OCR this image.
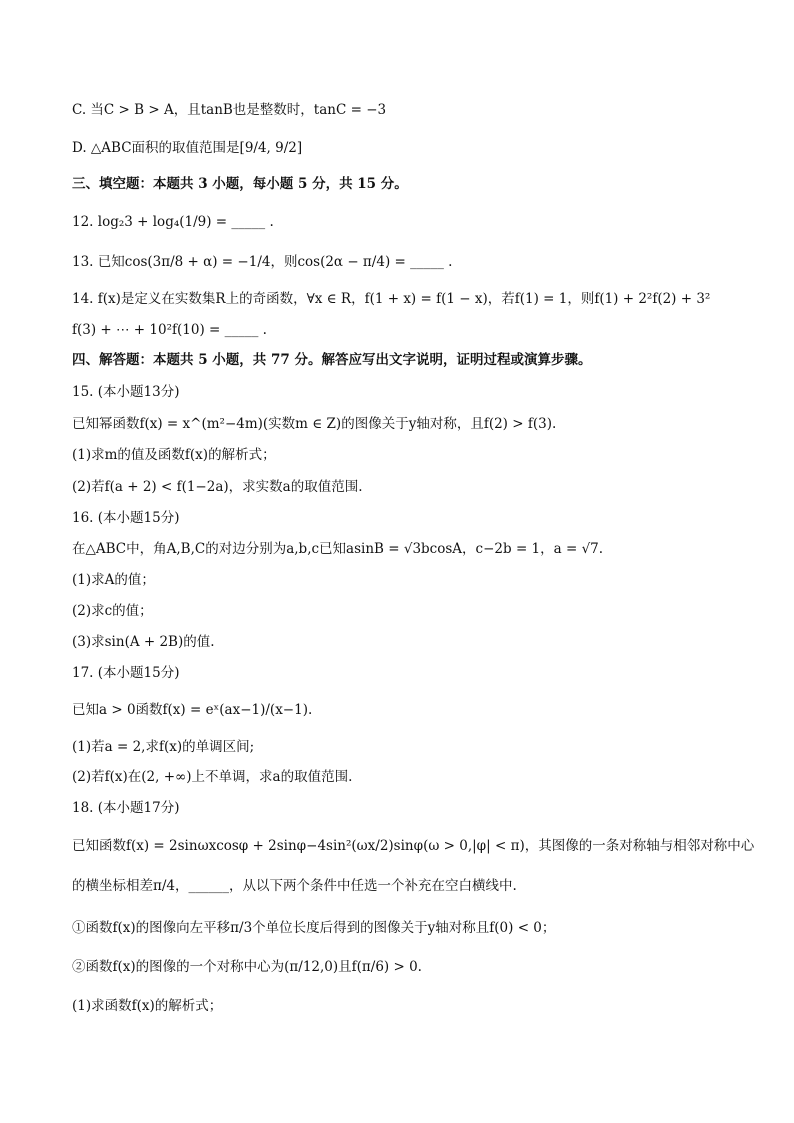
C. 当C > B > A，且tanB也是整数时，tanC = −3
D. △ABC面积的取值范围是[9/4, 9/2]
三、填空题：本题共 3 小题，每小题 5 分，共 15 分。
12. log₂3 + log₄(1/9) = _____ .
13. 已知cos(3π/8 + α) = −1/4，则cos(2α − π/4) = _____ .
14. f(x)是定义在实数集R上的奇函数，∀x ∈ R，f(1 + x) = f(1 − x)，若f(1) = 1，则f(1) + 2²f(2) + 3²
f(3) + ⋯ + 10²f(10) = _____ .
四、解答题：本题共 5 小题，共 77 分。解答应写出文字说明，证明过程或演算步骤。
15. (本小题13分)
已知幂函数f(x) = x^(m²−4m)(实数m ∈ Z)的图像关于y轴对称，且f(2) > f(3).
(1)求m的值及函数f(x)的解析式；
(2)若f(a + 2) < f(1−2a)，求实数a的取值范围.
16. (本小题15分)
在△ABC中，角A,B,C的对边分别为a,b,c已知asinB = √3bcosA，c−2b = 1，a = √7.
(1)求A的值；
(2)求c的值；
(3)求sin(A + 2B)的值.
17. (本小题15分)
已知a > 0函数f(x) = eˣ(ax−1)/(x−1).
(1)若a = 2,求f(x)的单调区间;
(2)若f(x)在(2, +∞)上不单调，求a的取值范围.
18. (本小题17分)
已知函数f(x) = 2sinωxcosφ + 2sinφ−4sin²(ωx/2)sinφ(ω > 0,|φ| < π)，其图像的一条对称轴与相邻对称中心
的横坐标相差π/4，______，从以下两个条件中任选一个补充在空白横线中.
①函数f(x)的图像向左平移π/3个单位长度后得到的图像关于y轴对称且f(0) < 0；
②函数f(x)的图像的一个对称中心为(π/12,0)且f(π/6) > 0.
(1)求函数f(x)的解析式；
